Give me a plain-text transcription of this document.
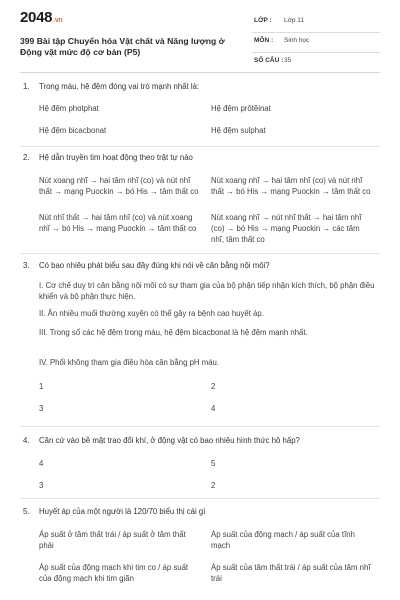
2048.vn
399 Bài tập Chuyển hóa Vật chất và Năng lượng ở Động vật mức độ cơ bản (P5)
LỚP : Lớp 11
MÔN : Sinh học
SỐ CÂU : 35
1. Trong máu, hệ đệm đóng vai trò mạnh nhất là:
Hệ đệm photphat	Hệ đệm prôtêinat
Hệ đệm bicacbonat	Hệ đệm sulphat
2. Hệ dẫn truyền tim hoạt động theo trật tự nào
Nút xoang nhĩ → hai tâm nhĩ (co) và nút nhĩ thất → mạng Puockin → bó His → tâm thất co
Nút xoang nhĩ → hai tâm nhĩ (co) và nút nhĩ thất → bó His → mạng Puockin → tâm thất co
Nút nhĩ thất → hai tâm nhĩ (co) và nút xoang nhĩ → bó His → mạng Puockin → tâm thất co
Nút xoang nhĩ → nút nhĩ thất → hai tâm nhĩ (co) → bó His → mạng Puockin → các tâm nhĩ, tâm thất co
3. Có bao nhiêu phát biểu sau đây đúng khi nói về cân bằng nội môi?
I. Cơ chế duy trì cân bằng nội môi có sự tham gia của bộ phận tiếp nhận kích thích, bộ phận điều khiển và bộ phận thực hiện.
II. Ăn nhiều muối thường xuyên có thể gây ra bệnh cao huyết áp.
III. Trong số các hệ đệm trong máu, hệ đệm bicacbonat là hệ đệm mạnh nhất.
IV. Phổi không tham gia điều hòa cân bằng pH máu.
1	2
3	4
4. Căn cứ vào bề mặt trao đổi khí, ở động vật có bao nhiêu hình thức hô hấp?
4	5
3	2
5. Huyết áp của một người là 120/70 biểu thị cái gì
Áp suất ở tâm thất trái / áp suất ở tâm thất phải
Áp suất của động mạch / áp suất của tĩnh mạch
Áp suất của động mạch khi tim co / áp suất của động mạch khi tim giãn
Áp suất của tâm thất trái / áp suất của tâm nhĩ trái
